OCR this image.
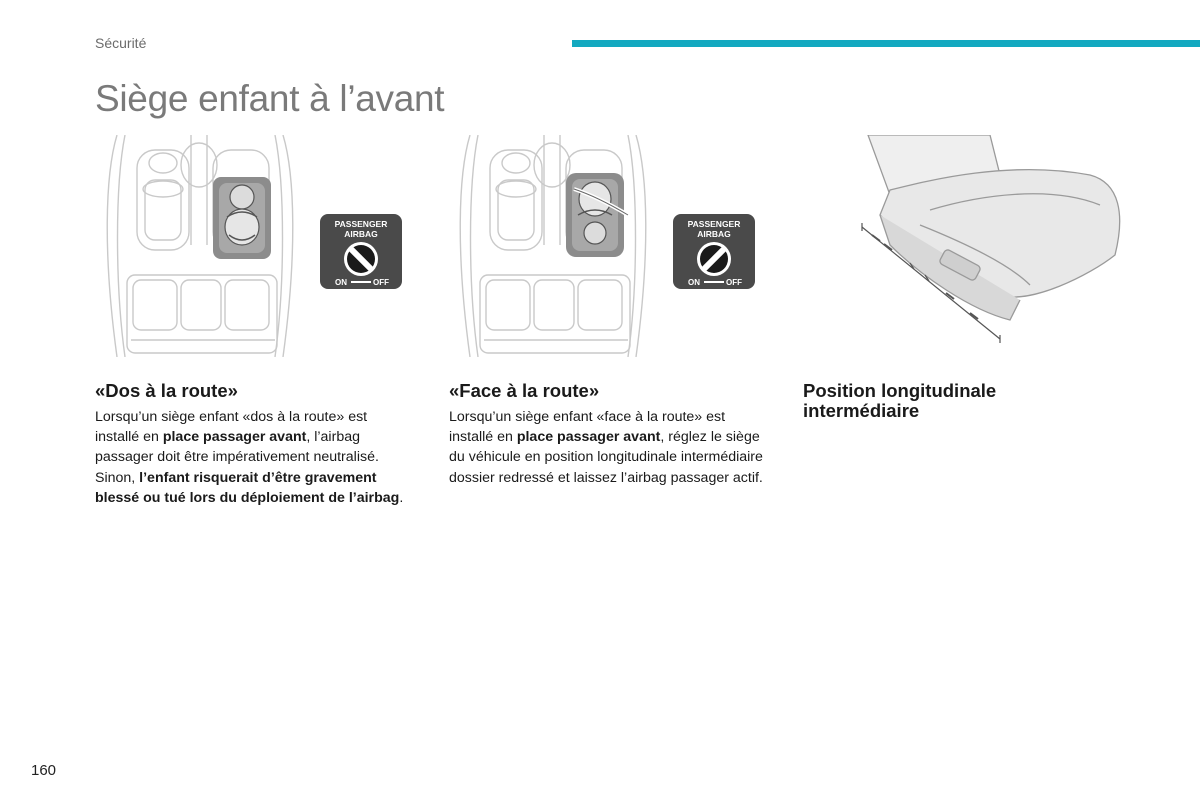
Sécurité
Siège enfant à l’avant
PASSENGER
AIRBAG
ON	OFF
PASSENGER
AIRBAG
ON	OFF
«Dos à la route»

Lorsqu’un siège enfant «dos à la route» est installé en place passager avant, l’airbag passager doit être impérativement neutralisé. Sinon, l’enfant risquerait d’être gravement blessé ou tué lors du déploiement de l’airbag.

«Face à la route»

Lorsqu’un siège enfant «face à la route» est installé en place passager avant, réglez le siège du véhicule en position longitudinale intermédiaire dossier redressé et laissez l’airbag passager actif.

Position longitudinale intermédiaire
160
